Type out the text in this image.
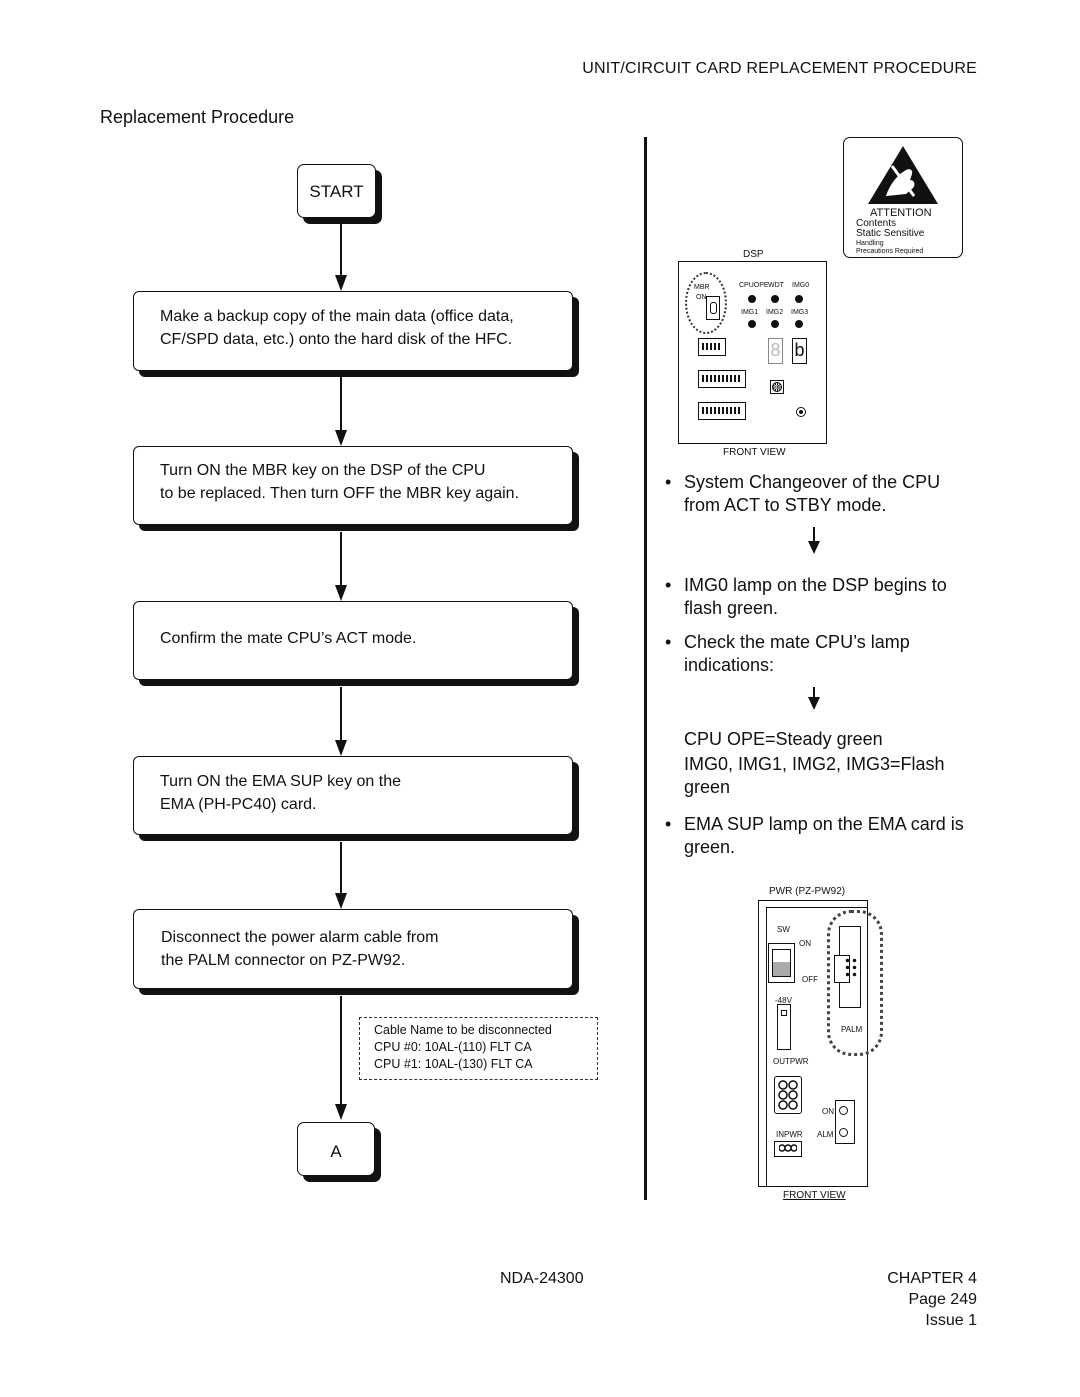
UNIT/CIRCUIT CARD REPLACEMENT PROCEDURE
Replacement Procedure
START
Make a backup copy of the main data (office data,
CF/SPD data, etc.) onto the hard disk of the HFC.
Turn ON the MBR key on the DSP of the CPU
to be replaced. Then turn OFF the MBR key again.
Confirm the mate CPU’s ACT mode.
Turn ON the EMA SUP key on the
EMA (PH-PC40) card.
Disconnect the power alarm cable from
the PALM connector on PZ-PW92.
Cable Name to be disconnected
CPU #0: 10AL-(110) FLT CA
CPU #1: 10AL-(130) FLT CA
A
ATTENTION
Contents
Static Sensitive
Handling
Precautions Required
DSP
MBR
ON
CPUOPE WDT IMG0
IMG1 IMG2 IMG3
8 b
FRONT VIEW
• System Changeover of the CPU
from ACT to STBY mode.
• IMG0 lamp on the DSP begins to
flash green.
• Check the mate CPU’s lamp
indications:
CPU OPE=Steady green
IMG0, IMG1, IMG2, IMG3=Flash
green
• EMA SUP lamp on the EMA card is
green.
PWR (PZ-PW92)
SW
ON
OFF
-48V
PALM
OUTPWR
ON
ALM
INPWR
FRONT VIEW
NDA-24300	CHAPTER 4
Page 249
Issue 1
